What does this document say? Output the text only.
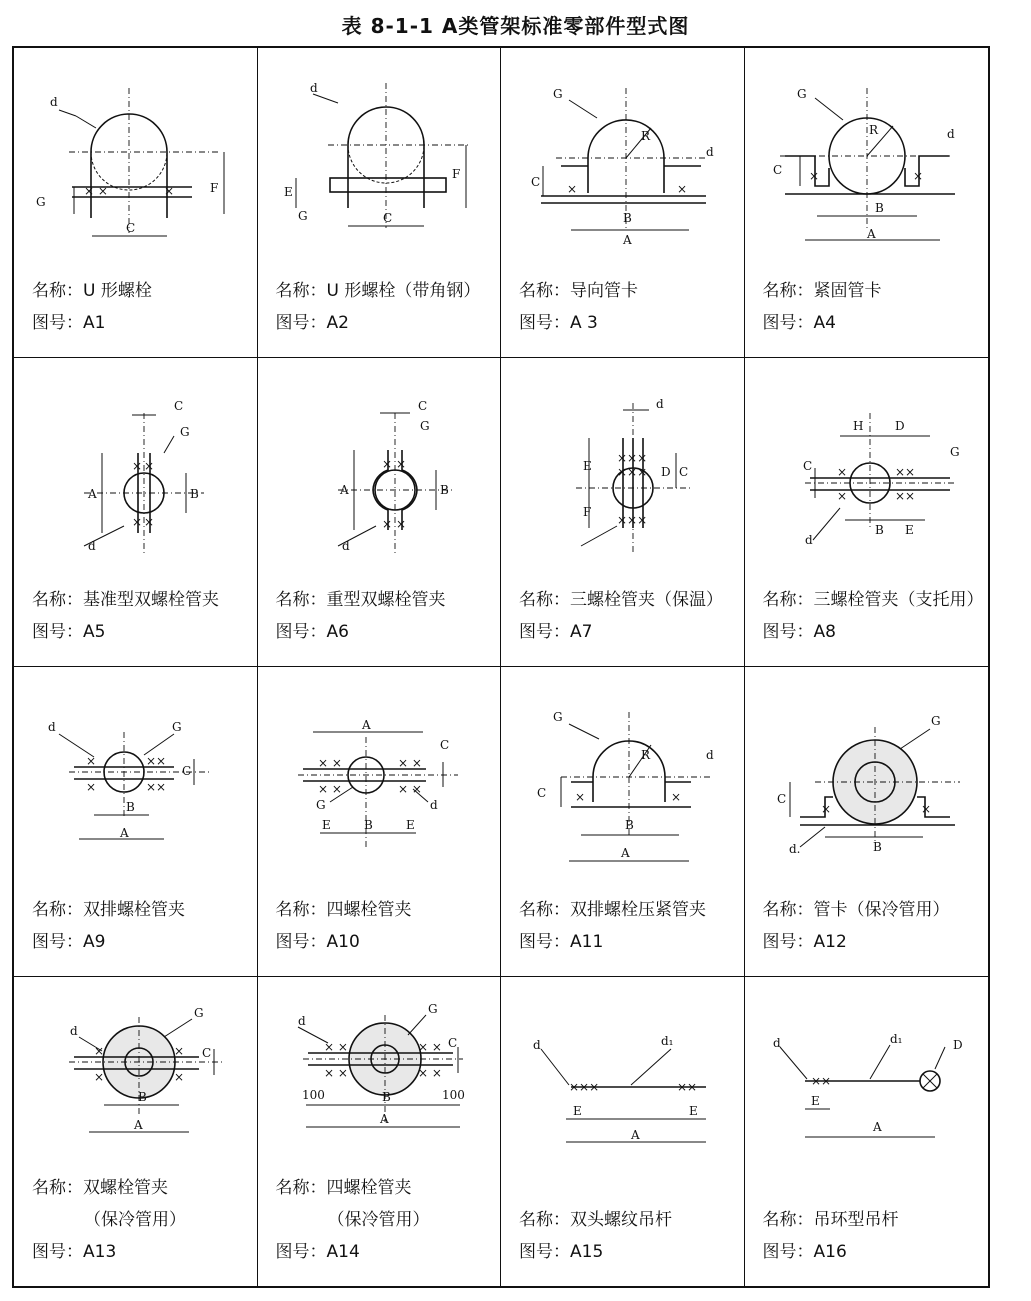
表 8-1-1 A类管架标准零部件型式图
× ×	×
d
G
F
C
名称：U 形螺栓
图号：A1
d
E
G
F
C
名称：U 形螺栓（带角钢）
图号：A2
×	×
G
R
d
C
B
A
名称：导向管卡
图号：A 3
×	×
G
R	d
C
B
A
名称：紧固管卡
图号：A4
× ×
× ×
C
G
A	B
d
名称：基准型双螺栓管夹
图号：A5
× ×
× ×
C
G
A	B
d
名称：重型双螺栓管夹
图号：A6
×××
×××
×××
d
E
F
D C
名称：三螺栓管夹（保温）
图号：A7
×	××
×	××
H	D
G
C
d
B E
名称：三螺栓管夹（支托用）
图号：A8
×	××
×	××
d	G
C
B
A
名称：双排螺栓管夹
图号：A9
× ×	× ×
× ×	× ×
A
C
G	d
E	B	E
名称：四螺栓管夹
图号：A10
×	×
G
R	d
C
B
A
名称：双排螺栓压紧管夹
图号：A11
×	×
G
C
d.	B
名称：管卡（保冷管用）
图号：A12
×	×
×	×
d
G
C
B
A
名称：双螺栓管夹
（保冷管用）
图号：A13
× ×	× ×
× ×	× ×
d
G
C
100	B	100
A
名称：四螺栓管夹
（保冷管用）
图号：A14
×××	××
d	d₁
E	E
A
名称：双头螺纹吊杆
图号：A15
××
d	d₁	D
E
A
名称：吊环型吊杆
图号：A16
